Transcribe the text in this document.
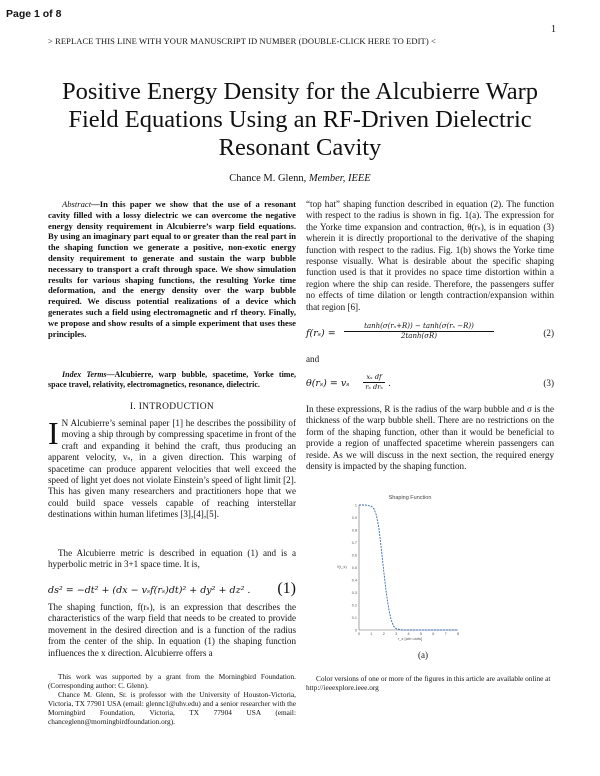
Page 1 of 8
1
> REPLACE THIS LINE WITH YOUR MANUSCRIPT ID NUMBER (DOUBLE-CLICK HERE TO EDIT) <
Positive Energy Density for the Alcubierre Warp
Field Equations Using an RF-Driven Dielectric
Resonant Cavity
Chance M. Glenn, Member, IEEE
Abstract—In this paper we show that the use of a resonant cavity filled with a lossy dielectric we can overcome the negative energy density requirement in Alcubierre’s warp field equations. By using an imaginary part equal to or greater than the real part in the shaping function we generate a positive, non-exotic energy density requirement to generate and sustain the warp bubble necessary to transport a craft through space. We show simulation results for various shaping functions, the resulting Yorke time deformation, and the energy density over the warp bubble required. We discuss potential realizations of a device which generates such a field using electromagnetic and rf theory. Finally, we propose and show results of a simple experiment that uses these principles.
Index Terms—Alcubierre, warp bubble, spacetime, Yorke time, space travel, relativity, electromagnetics, resonance, dielectric.
I. INTRODUCTION
I N Alcubierre’s seminal paper [1] he describes the possibility of moving a ship through by compressing spacetime in front of the craft and expanding it behind the craft, thus producing an apparent velocity, vₛ, in a given direction. This warping of spacetime can produce apparent velocities that well exceed the speed of light yet does not violate Einstein’s speed of light limit [2]. This has given many researchers and practitioners hope that we could build space vessels capable of reaching interstellar destinations within human lifetimes [3],[4],[5].
The Alcubierre metric is described in equation (1) and is a hyperbolic metric in 3+1 space time. It is,
ds² = −dt² + (dx − vₛf(rₛ)dt)² + dy² + dz² . (1)
The shaping function, f(rₛ), is an expression that describes the characteristics of the warp field that needs to be created to provide movement in the desired direction and is a function of the radius from the center of the ship. In equation (1) the shaping function influences the x direction. Alcubierre offers a
This work was supported by a grant from the Morningbird Foundation. (Corresponding author: C. Glenn).
Chance M. Glenn, Sr. is professor with the University of Houston-Victoria, Victoria, TX 77901 USA (email: glennc1@uhv.edu) and a senior researcher with the Morningbird Foundation, Victoria, TX 77904 USA (email: chanceglenn@morningbirdfoundation.org).
“top hat” shaping function described in equation (2). The function with respect to the radius is shown in fig. 1(a). The expression for the Yorke time expansion and contraction, θ(rₛ), is in equation (3) wherein it is directly proportional to the derivative of the shaping function with respect to the radius. Fig. 1(b) shows the Yorke time response visually. What is desirable about the specific shaping function used is that it provides no space time distortion within a region where the ship can reside. Therefore, the passengers suffer no effects of time dilation or length contraction/expansion within that region [6].
$f(r_s) = \frac{\text{tanh(σ(rₛ+R)) − tanh(σ(rₛ −R))}}{2\tanh(\sigma R)}$	(2)
and
θ(rₛ) = vₛ
xₛ df
rₛ drₛ .	(3)
In these expressions, R is the radius of the warp bubble and σ is the thickness of the warp bubble shell. There are no restrictions on the form of the shaping function, other than it would be beneficial to provide a region of unaffected spacetime wherein passengers can reside. As we will discuss in the next section, the required energy density is impacted by the shaping function.
Shaping Function
1
0.9
0.8
0.7
0.6
0.5
0.4
0.3
0.2
0.1
0
0	1	2	3	4	5	6	7	8
f(r_s)
r_s [arb units]
(a)
Color versions of one or more of the figures in this article are available online at http://ieeexplore.ieee.org
